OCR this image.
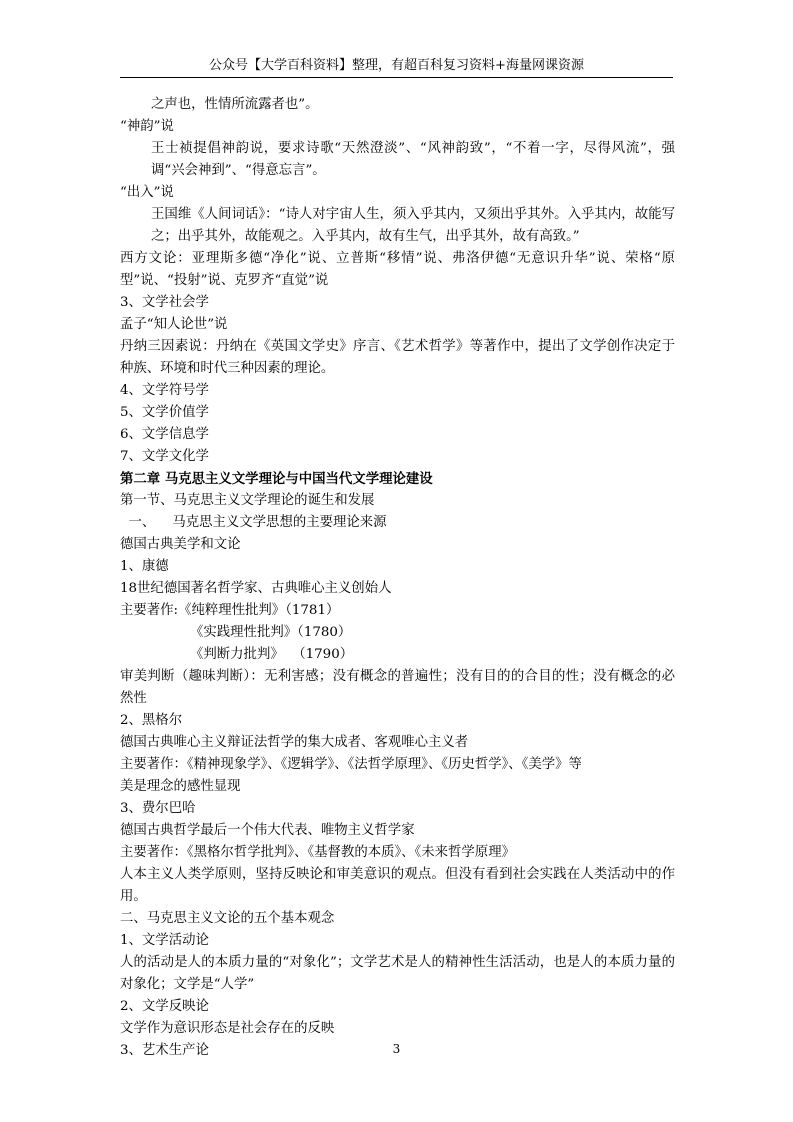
公众号【大学百科资料】整理，有超百科复习资料+海量网课资源
之声也，性情所流露者也”。
“神韵”说
王士祯提倡神韵说，要求诗歌“天然澄淡”、“风神韵致”，“不着一字，尽得风流”，强调“兴会神到”、“得意忘言”。
“出入”说
王国维《人间词话》：“诗人对宇宙人生，须入乎其内，又须出乎其外。入乎其内，故能写之；出乎其外，故能观之。入乎其内，故有生气，出乎其外，故有高致。”
西方文论：亚理斯多德“净化”说、立普斯“移情”说、弗洛伊德“无意识升华”说、荣格“原型”说、“投射”说、克罗齐“直觉”说
3、文学社会学
孟子“知人论世”说
丹纳三因素说：丹纳在《英国文学史》序言、《艺术哲学》等著作中，提出了文学创作决定于种族、环境和时代三种因素的理论。
4、文学符号学
5、文学价值学
6、文学信息学
7、文学文化学
第二章 马克思主义文学理论与中国当代文学理论建设
第一节、马克思主义文学理论的诞生和发展
一、    马克思主义文学思想的主要理论来源
德国古典美学和文论
1、康德
18世纪德国著名哲学家、古典唯心主义创始人
主要著作:《纯粹理性批判》（1781）
《实践理性批判》（1780）
《判断力批判》  （1790）
审美判断（趣味判断）：无利害感；没有概念的普遍性；没有目的的合目的性；没有概念的必然性
2、黑格尔
德国古典唯心主义辩证法哲学的集大成者、客观唯心主义者
主要著作：《精神现象学》、《逻辑学》、《法哲学原理》、《历史哲学》、《美学》等
美是理念的感性显现
3、费尔巴哈
德国古典哲学最后一个伟大代表、唯物主义哲学家
主要著作：《黑格尔哲学批判》、《基督教的本质》、《未来哲学原理》
人本主义人类学原则，坚持反映论和审美意识的观点。但没有看到社会实践在人类活动中的作用。
二、马克思主义文论的五个基本观念
1、文学活动论
人的活动是人的本质力量的“对象化”；文学艺术是人的精神性生活活动，也是人的本质力量的对象化；文学是“人学”
2、文学反映论
文学作为意识形态是社会存在的反映
3、艺术生产论	3
